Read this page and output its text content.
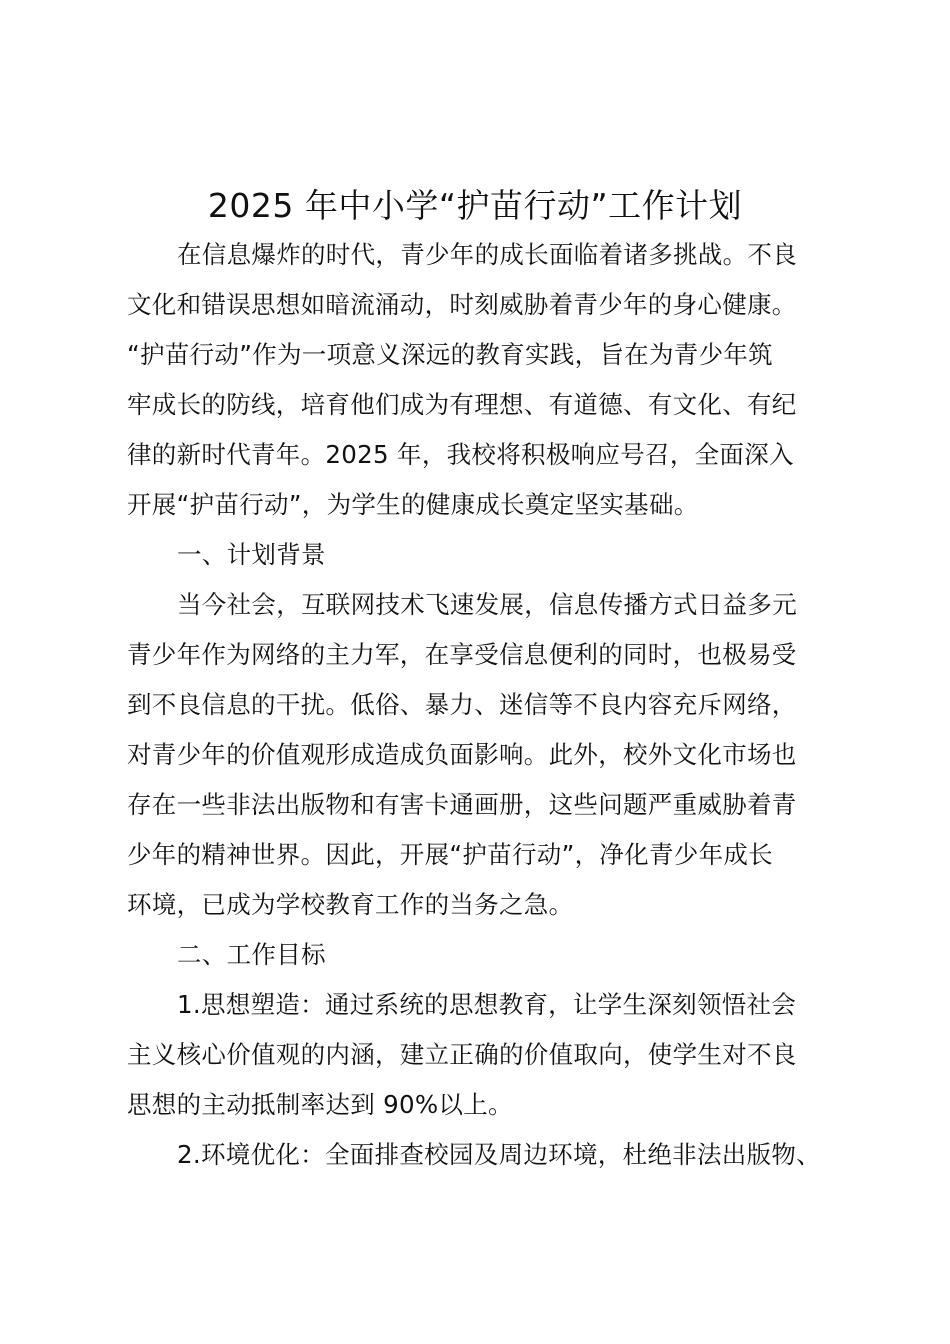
2025 年中小学“护苗行动”工作计划
在信息爆炸的时代，青少年的成长面临着诸多挑战。不良
文化和错误思想如暗流涌动，时刻威胁着青少年的身心健康。
“护苗行动”作为一项意义深远的教育实践，旨在为青少年筑
牢成长的防线，培育他们成为有理想、有道德、有文化、有纪
律的新时代青年。2025 年，我校将积极响应号召，全面深入
开展“护苗行动”，为学生的健康成长奠定坚实基础。
一、计划背景
当今社会，互联网技术飞速发展，信息传播方式日益多元
青少年作为网络的主力军，在享受信息便利的同时，也极易受
到不良信息的干扰。低俗、暴力、迷信等不良内容充斥网络，
对青少年的价值观形成造成负面影响。此外，校外文化市场也
存在一些非法出版物和有害卡通画册，这些问题严重威胁着青
少年的精神世界。因此，开展“护苗行动”，净化青少年成长
环境，已成为学校教育工作的当务之急。
二、工作目标
1.思想塑造：通过系统的思想教育，让学生深刻领悟社会
主义核心价值观的内涵，建立正确的价值取向，使学生对不良
思想的主动抵制率达到 90%以上。
2.环境优化：全面排查校园及周边环境，杜绝非法出版物、
